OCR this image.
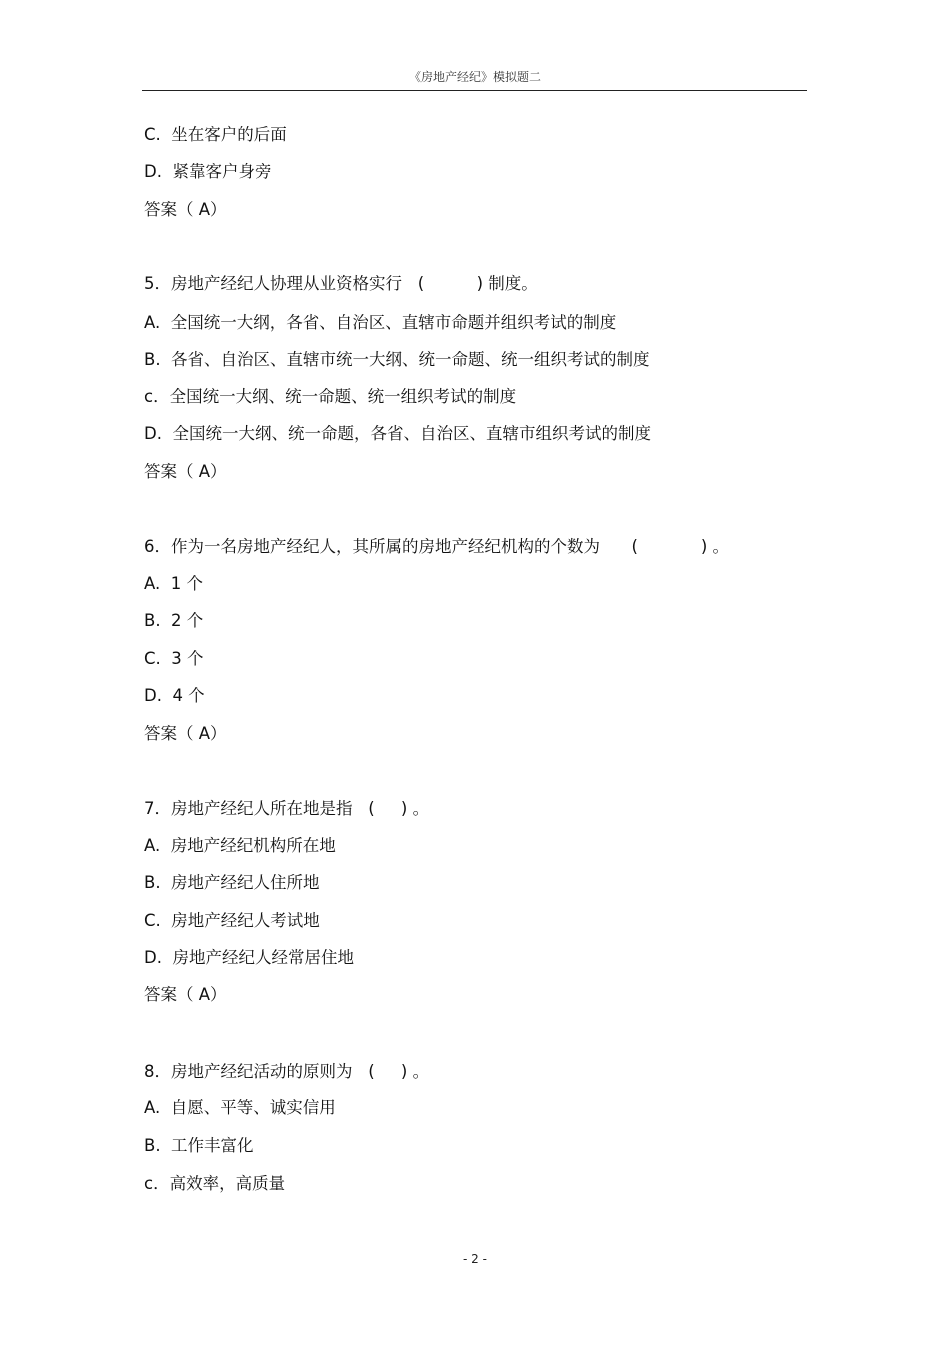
《房地产经纪》模拟题二
C.  坐在客户的后面
D.  紧靠客户身旁
答案（ A）
5．房地产经纪人协理从业资格实行   (          ) 制度。
A.  全国统一大纲，各省、自治区、直辖市命题并组织考试的制度
B.  各省、自治区、直辖市统一大纲、统一命题、统一组织考试的制度
c．全国统一大纲、统一命题、统一组织考试的制度
D.  全国统一大纲、统一命题，各省、自治区、直辖市组织考试的制度
答案（ A）
6．作为一名房地产经纪人，其所属的房地产经纪机构的个数为      (            ) 。
A.  1 个
B.  2 个
C.  3 个
D.  4 个
答案（ A）
7．房地产经纪人所在地是指   (     ) 。
A.  房地产经纪机构所在地
B.  房地产经纪人住所地
C.  房地产经纪人考试地
D.  房地产经纪人经常居住地
答案（ A）
8．房地产经纪活动的原则为   (     ) 。
A.  自愿、平等、诚实信用
B.  工作丰富化
c．高效率，高质量
- 2 -
